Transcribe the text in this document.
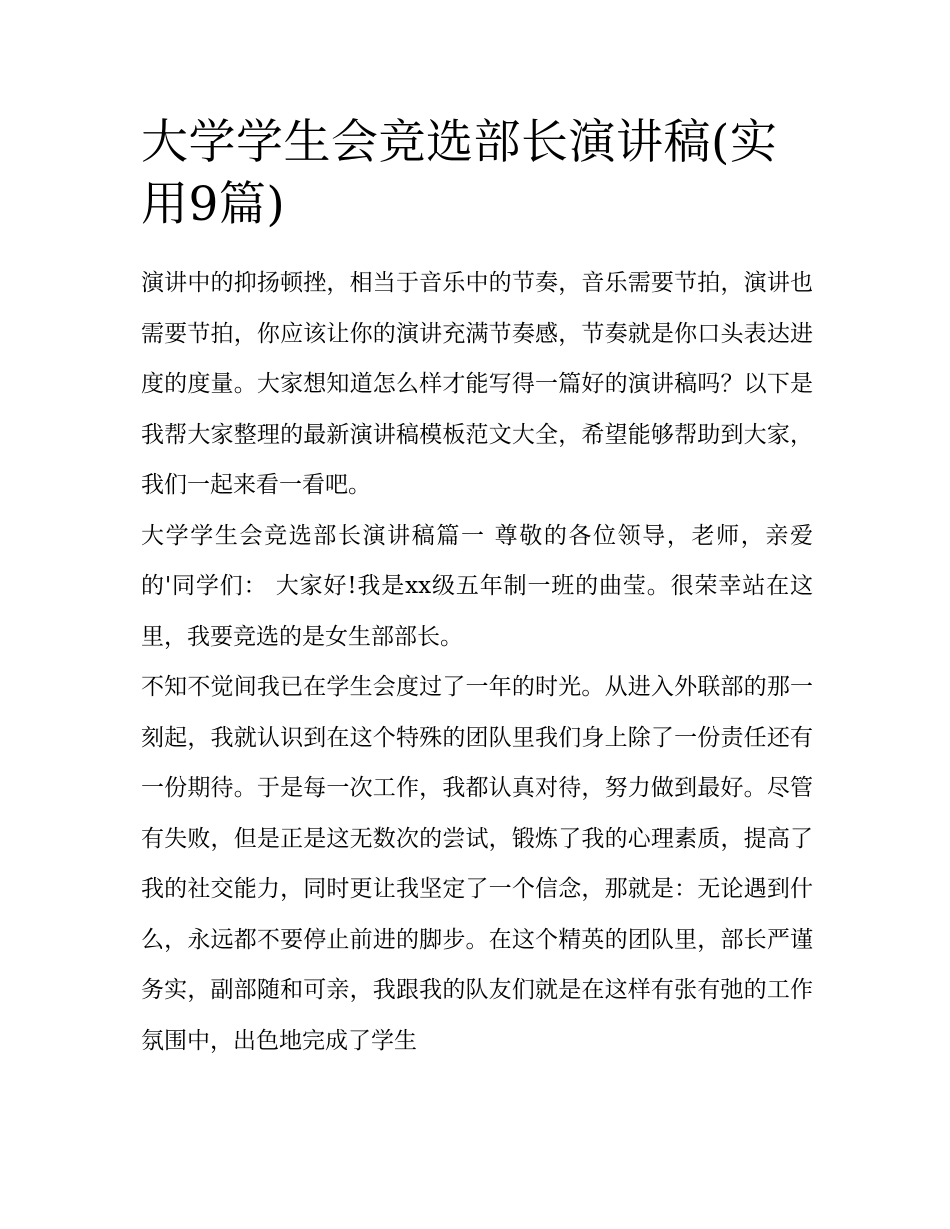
大学学生会竞选部长演讲稿(实用9篇)

演讲中的抑扬顿挫，相当于音乐中的节奏，音乐需要节拍，演讲也需要节拍，你应该让你的演讲充满节奏感，节奏就是你口头表达进度的度量。大家想知道怎么样才能写得一篇好的演讲稿吗？以下是我帮大家整理的最新演讲稿模板范文大全，希望能够帮助到大家，我们一起来看一看吧。

大学学生会竞选部长演讲稿篇一 尊敬的各位领导，老师，亲爱的'同学们： 大家好!我是xx级五年制一班的曲莹。很荣幸站在这里，我要竞选的是女生部部长。

不知不觉间我已在学生会度过了一年的时光。从进入外联部的那一刻起，我就认识到在这个特殊的团队里我们身上除了一份责任还有一份期待。于是每一次工作，我都认真对待，努力做到最好。尽管有失败，但是正是这无数次的尝试，锻炼了我的心理素质，提高了我的社交能力，同时更让我坚定了一个信念，那就是：无论遇到什么，永远都不要停止前进的脚步。在这个精英的团队里，部长严谨务实，副部随和可亲，我跟我的队友们就是在这样有张有弛的工作氛围中，出色地完成了学生
